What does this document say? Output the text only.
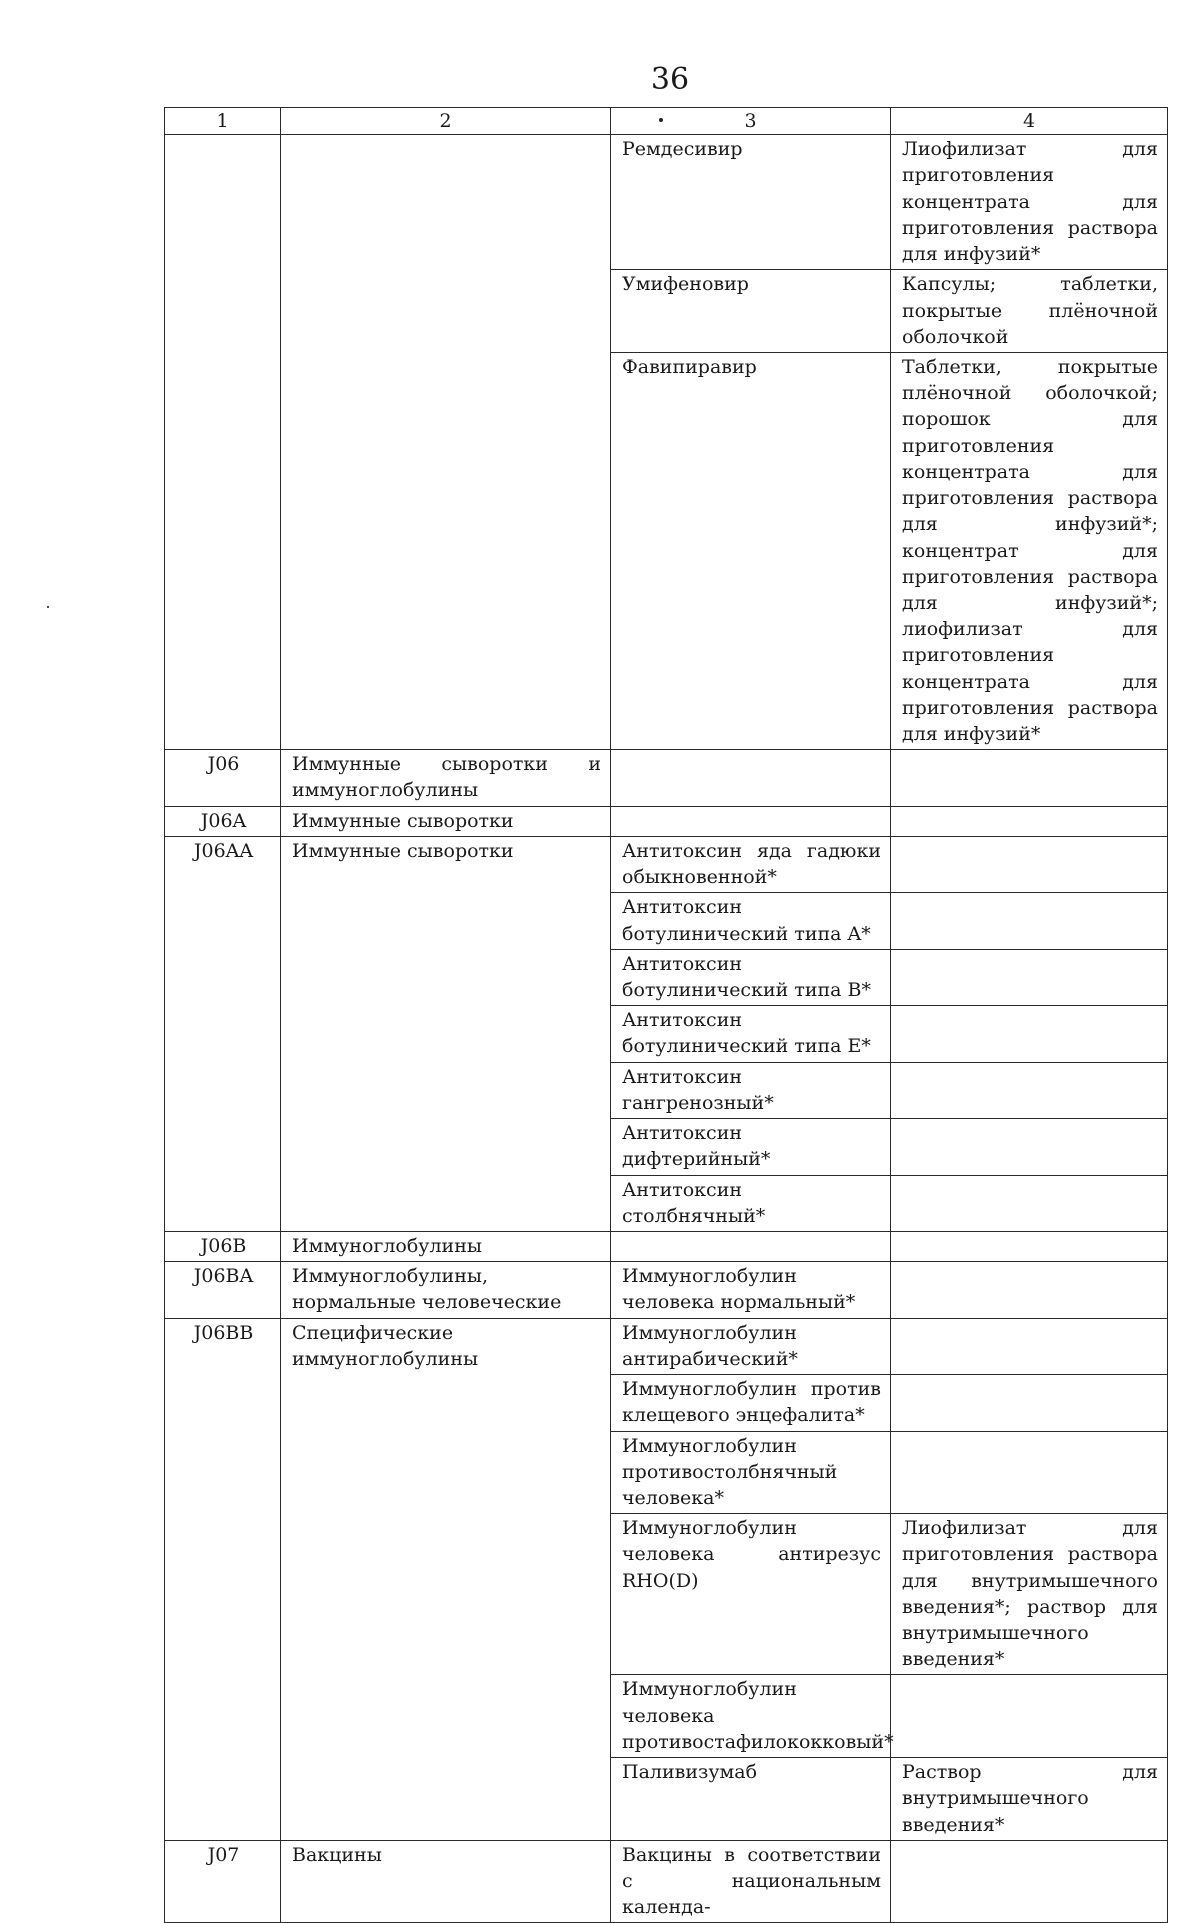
36
1	2	3	4
		Ремдесивир	Лиофилизат для приготовления концентрата для приготовления раствора для инфузий*
		Умифеновир	Капсулы; таблетки, покрытые плёночной оболочкой
		Фавипиравир	Таблетки, покрытые плёночной оболочкой; порошок для приготовления концентрата для приготовления раствора для инфузий*; концентрат для приготовления раствора для инфузий*; лиофилизат для приготовления концентрата для приготовления раствора для инфузий*
J06	Иммунные сыворотки и иммуноглобулины		
J06A	Иммунные сыворотки		
J06AA	Иммунные сыворотки	Антитоксин яда гадюки обыкновенной*	
		Антитоксин ботулинический типа A*	
		Антитоксин ботулинический типа B*	
		Антитоксин ботулинический типа E*	
		Антитоксин гангренозный*	
		Антитоксин дифтерийный*	
		Антитоксин столбнячный*	
J06B	Иммуноглобулины		
J06BA	Иммуноглобулины, нормальные человеческие	Иммуноглобулин человека нормальный*	
J06BB	Специфические иммуноглобулины	Иммуноглобулин антирабический*	
		Иммуноглобулин против клещевого энцефалита*	
		Иммуноглобулин противостолбнячный человека*	
		Иммуноглобулин человека антирезус RHO(D)	Лиофилизат для приготовления раствора для внутримышечного введения*; раствор для внутримышечного введения*
		Иммуноглобулин человека противостафилококковый*	
		Паливизумаб	Раствор для внутримышечного введения*
J07	Вакцины	Вакцины в соответствии с национальным календа-	
